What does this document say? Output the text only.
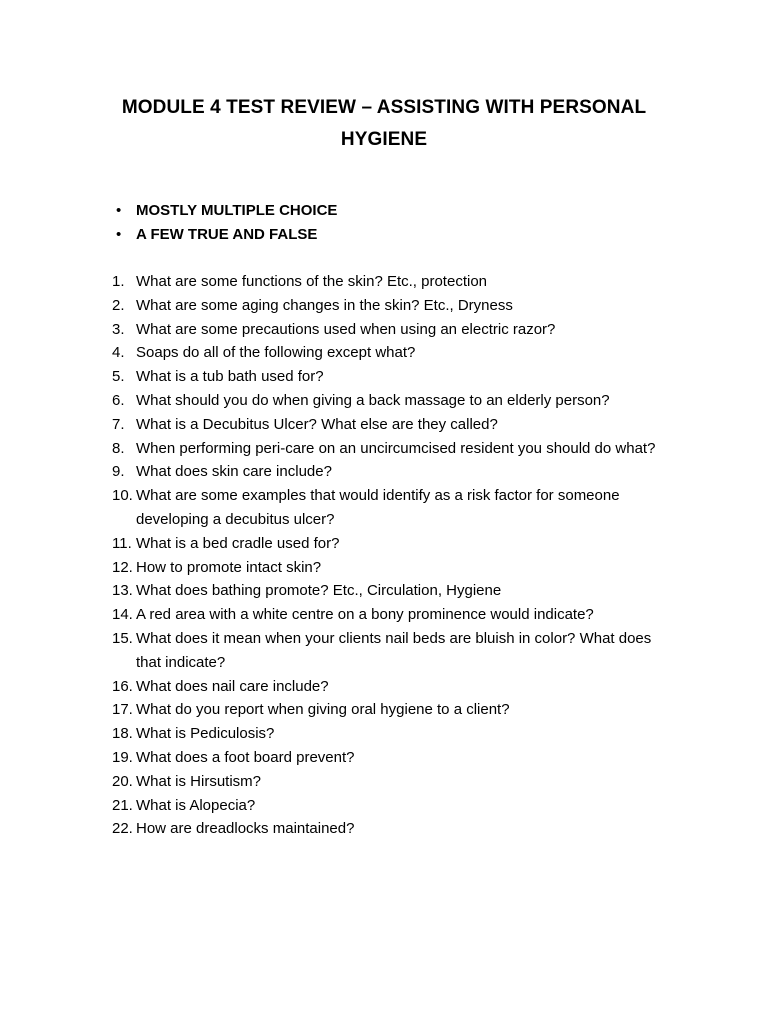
MODULE 4 TEST REVIEW – ASSISTING WITH PERSONAL HYGIENE
• MOSTLY MULTIPLE CHOICE
• A FEW TRUE AND FALSE
1. What are some functions of the skin? Etc., protection
2. What are some aging changes in the skin? Etc., Dryness
3. What are some precautions used when using an electric razor?
4. Soaps do all of the following except what?
5. What is a tub bath used for?
6. What should you do when giving a back massage to an elderly person?
7. What is a Decubitus Ulcer? What else are they called?
8. When performing peri-care on an uncircumcised resident you should do what?
9. What does skin care include?
10. What are some examples that would identify as a risk factor for someone developing a decubitus ulcer?
11. What is a bed cradle used for?
12. How to promote intact skin?
13. What does bathing promote? Etc., Circulation, Hygiene
14. A red area with a white centre on a bony prominence would indicate?
15. What does it mean when your clients nail beds are bluish in color? What does that indicate?
16. What does nail care include?
17. What do you report when giving oral hygiene to a client?
18. What is Pediculosis?
19. What does a foot board prevent?
20. What is Hirsutism?
21. What is Alopecia?
22. How are dreadlocks maintained?
